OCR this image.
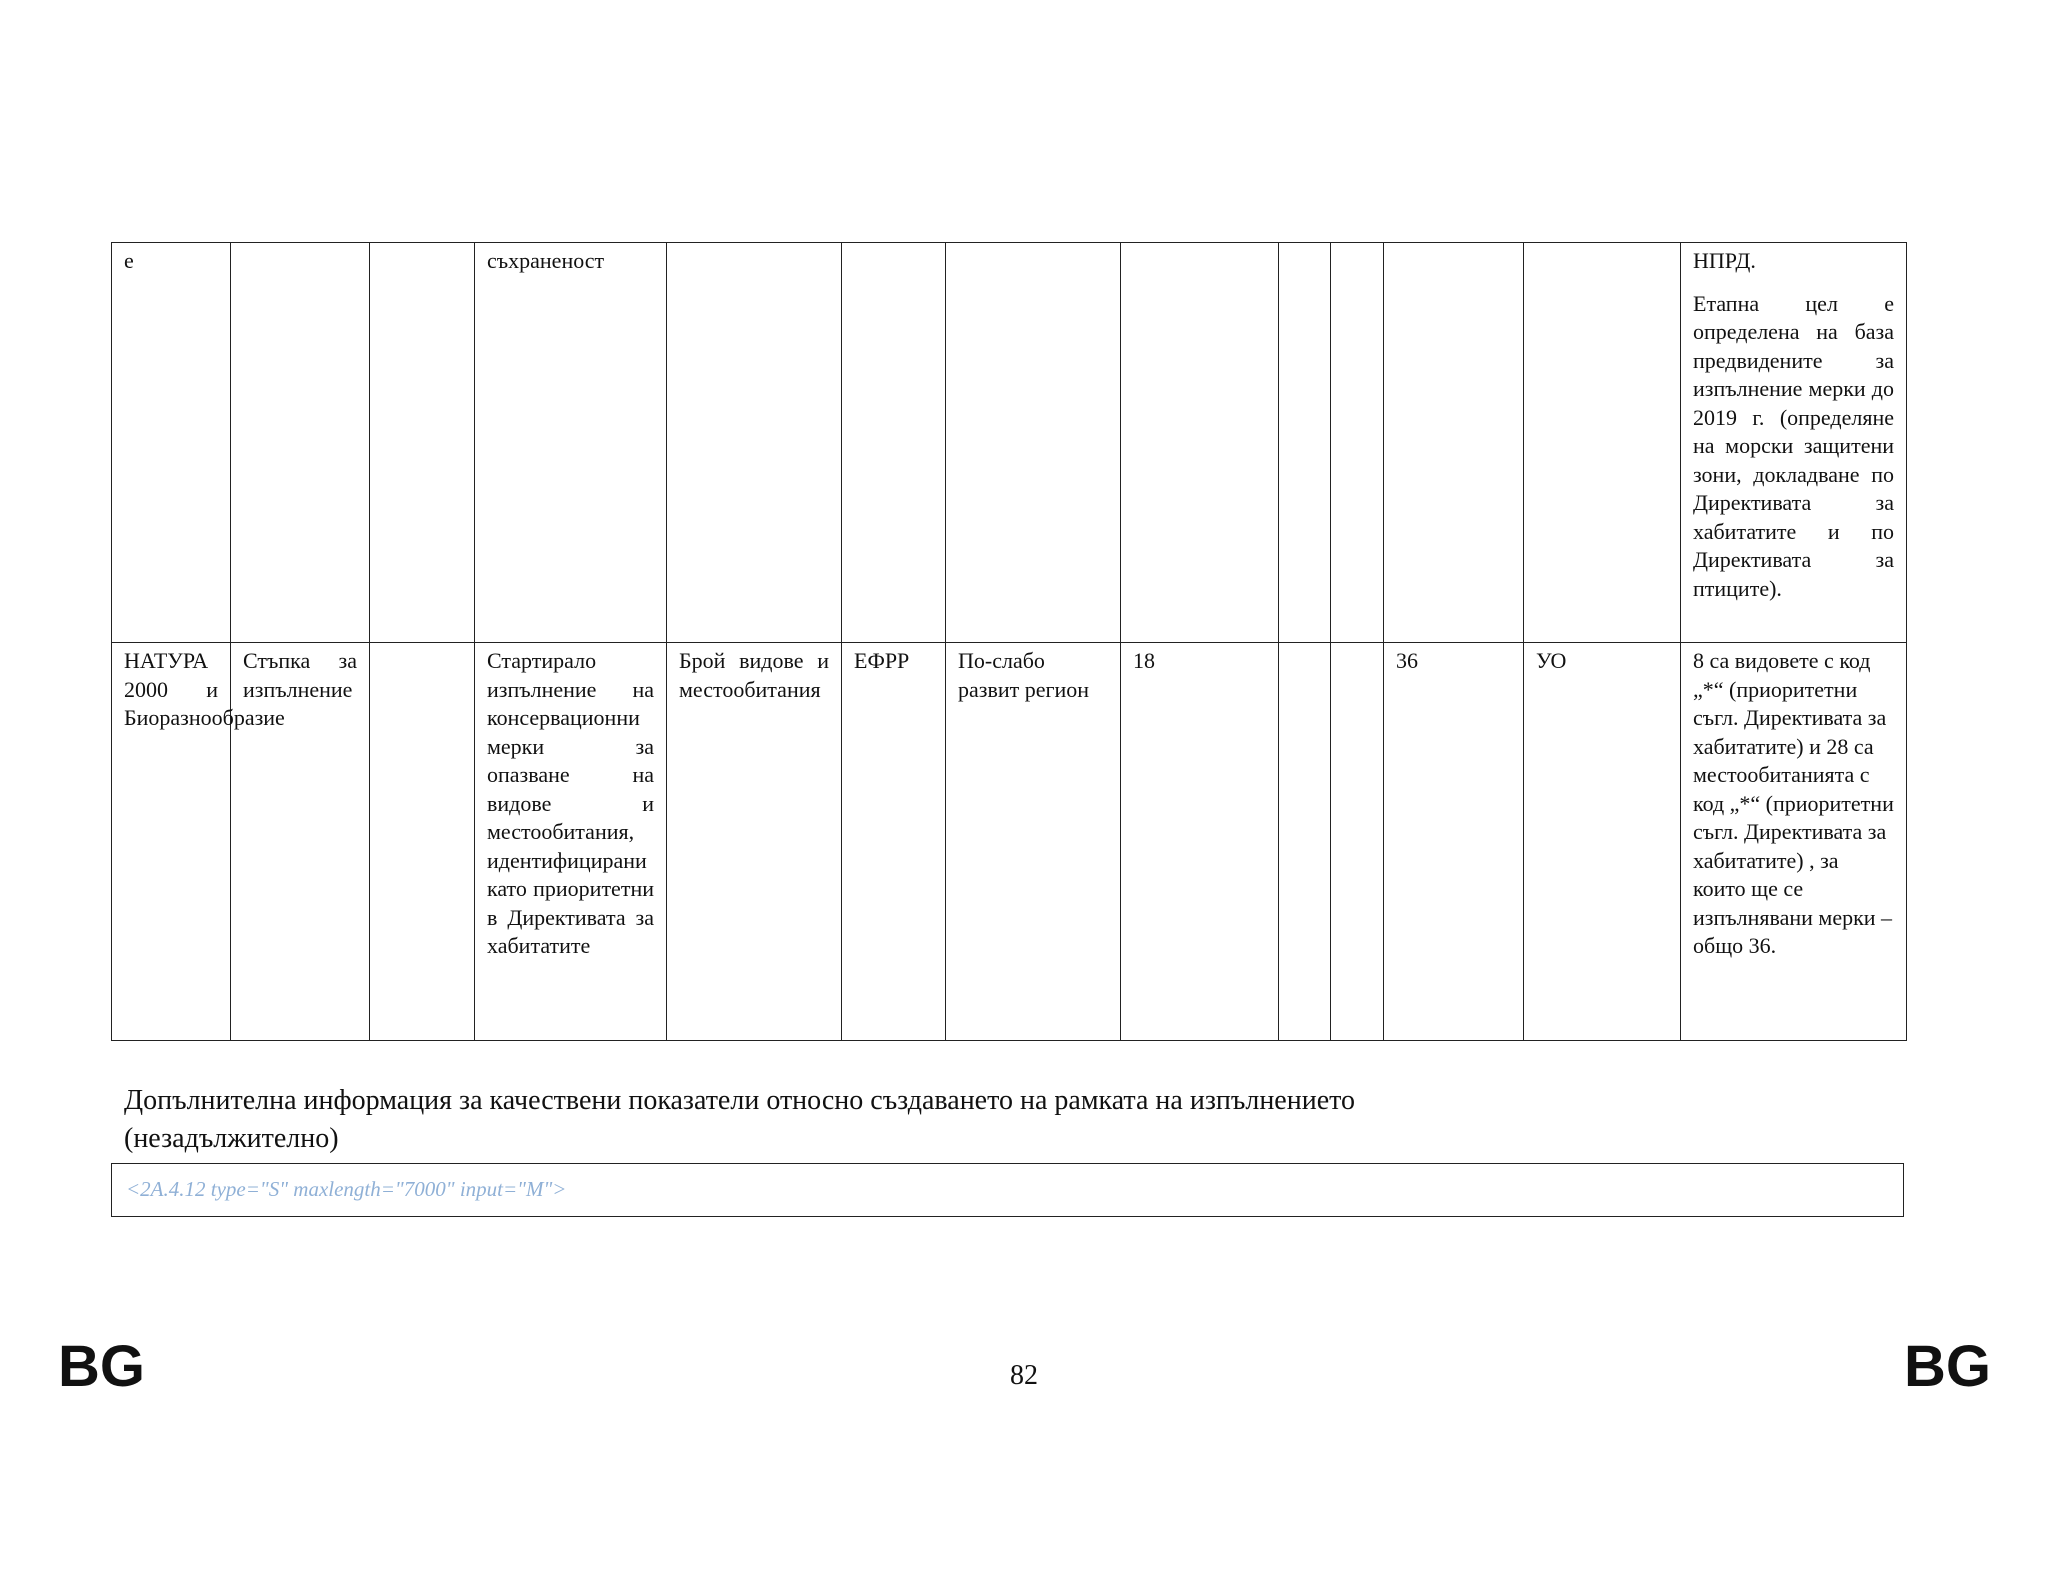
е			съхраненост									НПРД.
Етапна цел е определена на база предвидените за изпълнение мерки до 2019 г. (определяне на морски защитени зони, докладване по Директивата за хабитатите и по Директивата за птиците).

НАТУРА 2000 и Биоразнообразие	Стъпка за изпълнение		Стартирало изпълнение на консервационни мерки за опазване на видове и местообитания, идентифицирани като приоритетни в Директивата за хабитатите	Брой видове и местообитания	ЕФРР	По-слабо развит регион	18			36	УО	8 са видовете с код „*“ (приоритетни съгл. Директивата за хабитатите) и 28 са местообитанията с код „*“ (приоритетни съгл. Директивата за хабитатите) , за които ще се изпълнявани мерки – общо 36.
Допълнителна информация за качествени показатели относно създаването на рамката на изпълнението
(незадължително)
<2A.4.12 type="S" maxlength="7000" input="M">
BG	82	BG
